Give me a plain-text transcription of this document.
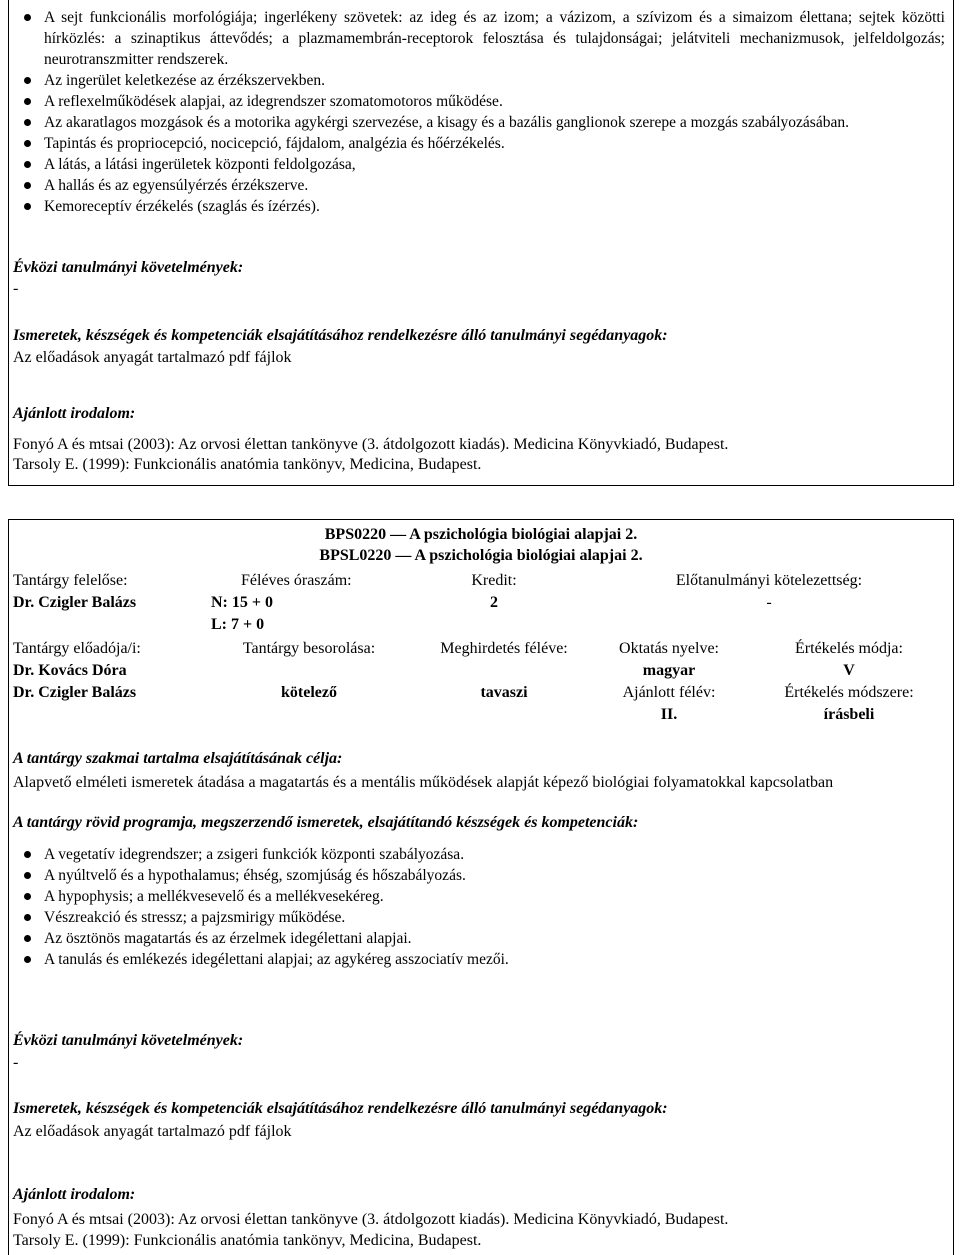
A sejt funkcionális morfológiája; ingerlékeny szövetek: az ideg és az izom; a vázizom, a szívizom és a simaizom élettana; sejtek közötti hírközlés: a szinaptikus áttevődés; a plazmamembrán-receptorok felosztása és tulajdonságai; jelátviteli mechanizmusok, jelfeldolgozás; neurotranszmitter rendszerek.
Az ingerület keletkezése az érzékszervekben.
A reflexelműködések alapjai, az idegrendszer szomatomotoros működése.
Az akaratlagos mozgások és a motorika agykérgi szervezése, a kisagy és a bazális ganglionok szerepe a mozgás szabályozásában.
Tapintás és propriocepció, nocicepció, fájdalom, analgézia és hőérzékelés.
A látás, a látási ingerületek központi feldolgozása,
A hallás és az egyensúlyérzés érzékszerve.
Kemoreceptív érzékelés (szaglás és ízérzés).

Évközi tanulmányi követelmények:

-

Ismeretek, készségek és kompetenciák elsajátításához rendelkezésre álló tanulmányi segédanyagok:

Az előadások anyagát tartalmazó pdf fájlok

Ajánlott irodalom:

Fonyó A és mtsai (2003): Az orvosi élettan tankönyve (3. átdolgozott kiadás). Medicina Könyvkiadó, Budapest.

Tarsoly E. (1999): Funkcionális anatómia tankönyv, Medicina, Budapest.

BPS0220 — A pszichológia biológiai alapjai 2.

BPSL0220 — A pszichológia biológiai alapjai 2.

Tantárgy felelőse:
Dr. Czigler Balázs
Féléves óraszám:
N: 15 + 0
L: 7 + 0
Kredit:
2
Előtanulmányi kötelezettség:
-
Tantárgy előadója/i:
Dr. Kovács Dóra
Dr. Czigler Balázs
Tantárgy besorolása:
kötelező
Meghirdetés féléve:
tavaszi
Oktatás nyelve:
magyar
Ajánlott félév:
II.
Értékelés módja:
V
Értékelés módszere:
írásbeli

A tantárgy szakmai tartalma elsajátításának célja:

Alapvető elméleti ismeretek átadása a magatartás és a mentális működések alapját képező biológiai folyamatokkal kapcsolatban

A tantárgy rövid programja, megszerzendő ismeretek, elsajátítandó készségek és kompetenciák:

A vegetatív idegrendszer; a zsigeri funkciók központi szabályozása.
A nyúltvelő és a hypothalamus; éhség, szomjúság és hőszabályozás.
A hypophysis; a mellékvesevelő és a mellékvesekéreg.
Vészreakció és stressz; a pajzsmirigy működése.
Az ösztönös magatartás és az érzelmek idegélettani alapjai.
A tanulás és emlékezés idegélettani alapjai; az agykéreg asszociatív mezői.

Évközi tanulmányi követelmények:

-

Ismeretek, készségek és kompetenciák elsajátításához rendelkezésre álló tanulmányi segédanyagok:

Az előadások anyagát tartalmazó pdf fájlok

Ajánlott irodalom:

Fonyó A és mtsai (2003): Az orvosi élettan tankönyve (3. átdolgozott kiadás). Medicina Könyvkiadó, Budapest.

Tarsoly E. (1999): Funkcionális anatómia tankönyv, Medicina, Budapest.
